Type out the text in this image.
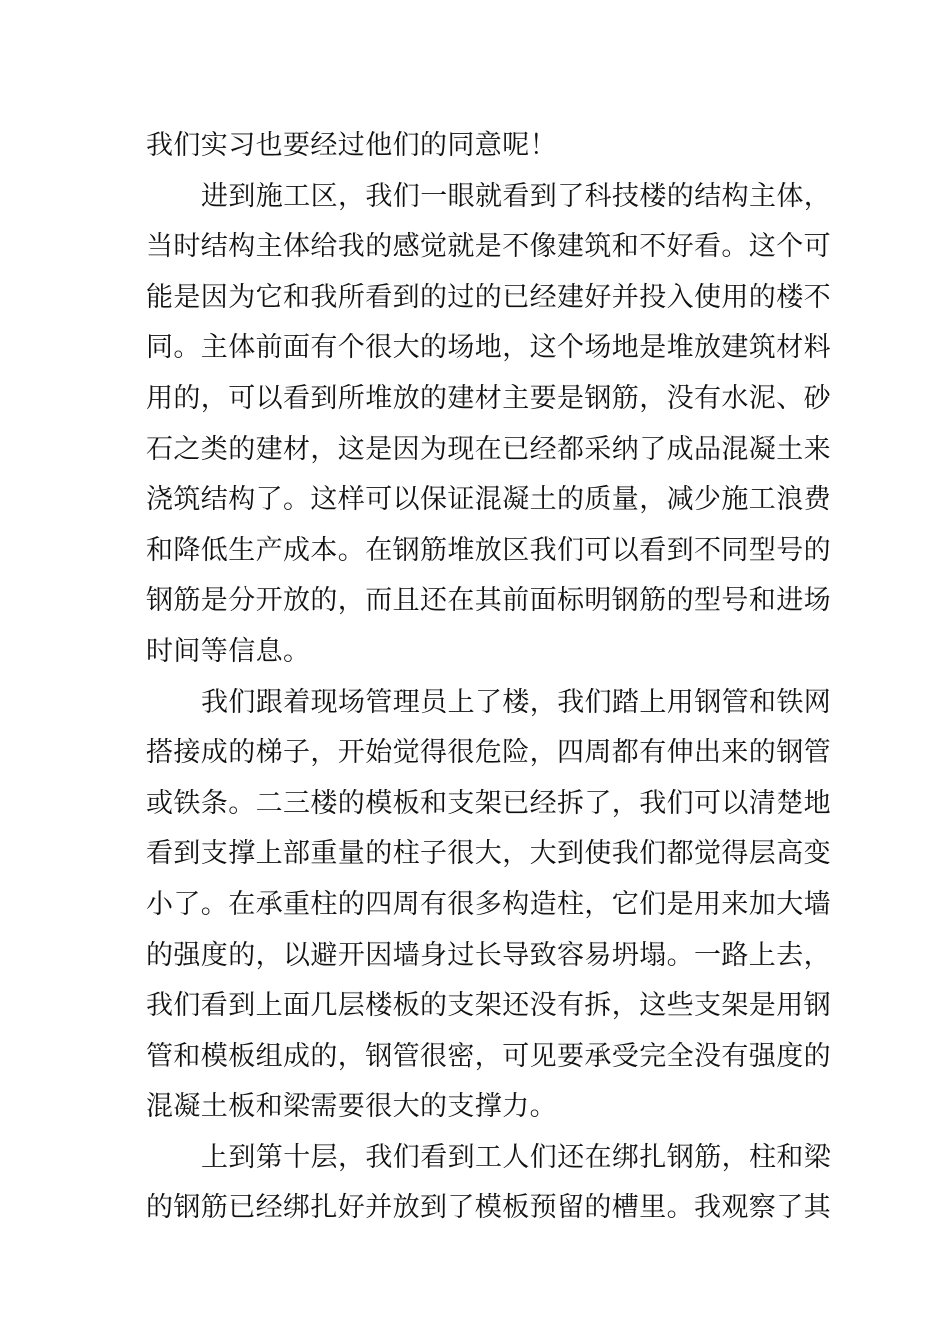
我们实习也要经过他们的同意呢！
进到施工区，我们一眼就看到了科技楼的结构主体，
当时结构主体给我的感觉就是不像建筑和不好看。这个可
能是因为它和我所看到的过的已经建好并投入使用的楼不
同。主体前面有个很大的场地，这个场地是堆放建筑材料
用的，可以看到所堆放的建材主要是钢筋，没有水泥、砂
石之类的建材，这是因为现在已经都采纳了成品混凝土来
浇筑结构了。这样可以保证混凝土的质量，减少施工浪费
和降低生产成本。在钢筋堆放区我们可以看到不同型号的
钢筋是分开放的，而且还在其前面标明钢筋的型号和进场
时间等信息。
我们跟着现场管理员上了楼，我们踏上用钢管和铁网
搭接成的梯子，开始觉得很危险，四周都有伸出来的钢管
或铁条。二三楼的模板和支架已经拆了，我们可以清楚地
看到支撑上部重量的柱子很大，大到使我们都觉得层高变
小了。在承重柱的四周有很多构造柱，它们是用来加大墙
的强度的，以避开因墙身过长导致容易坍塌。一路上去，
我们看到上面几层楼板的支架还没有拆，这些支架是用钢
管和模板组成的，钢管很密，可见要承受完全没有强度的
混凝土板和梁需要很大的支撑力。
上到第十层，我们看到工人们还在绑扎钢筋，柱和梁
的钢筋已经绑扎好并放到了模板预留的槽里。我观察了其
